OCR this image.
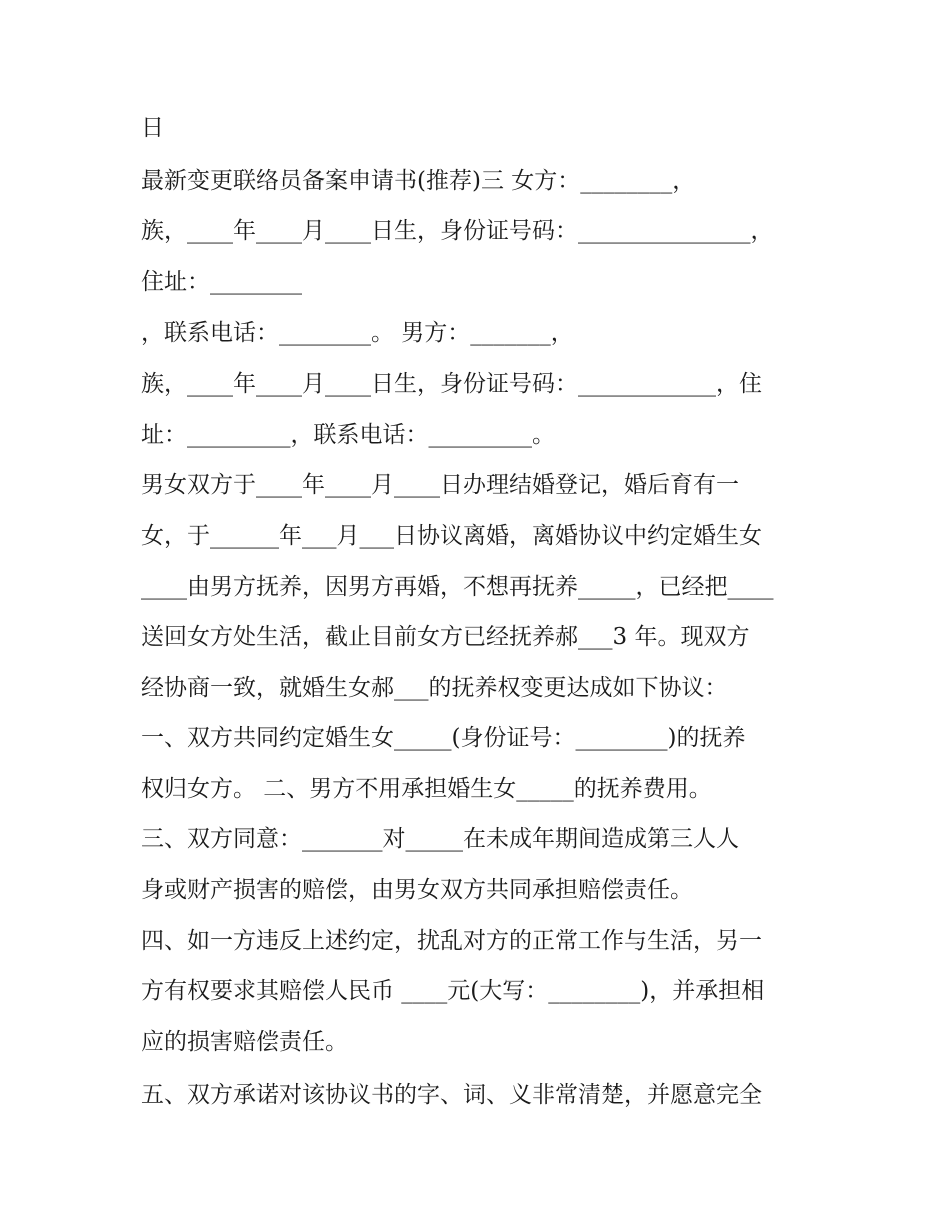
日
最新变更联络员备案申请书(推荐)三 女方：________，
族，____年____月____日生，身份证号码：_______________，
住址：________
，联系电话：________。 男方：_______，
族，____年____月____日生，身份证号码：____________，住
址：_________，联系电话：_________。
男女双方于____年____月____日办理结婚登记，婚后育有一
女，于______年___月___日协议离婚，离婚协议中约定婚生女
____由男方抚养，因男方再婚，不想再抚养_____，已经把____
送回女方处生活，截止目前女方已经抚养郝___3 年。现双方
经协商一致，就婚生女郝___的抚养权变更达成如下协议：
一、双方共同约定婚生女_____(身份证号：________)的抚养
权归女方。 二、男方不用承担婚生女_____的抚养费用。
三、双方同意：_______对_____在未成年期间造成第三人人
身或财产损害的赔偿，由男女双方共同承担赔偿责任。
四、如一方违反上述约定，扰乱对方的正常工作与生活，另一
方有权要求其赔偿人民币 ____元(大写：________)，并承担相
应的损害赔偿责任。
五、双方承诺对该协议书的字、词、义非常清楚，并愿意完全
